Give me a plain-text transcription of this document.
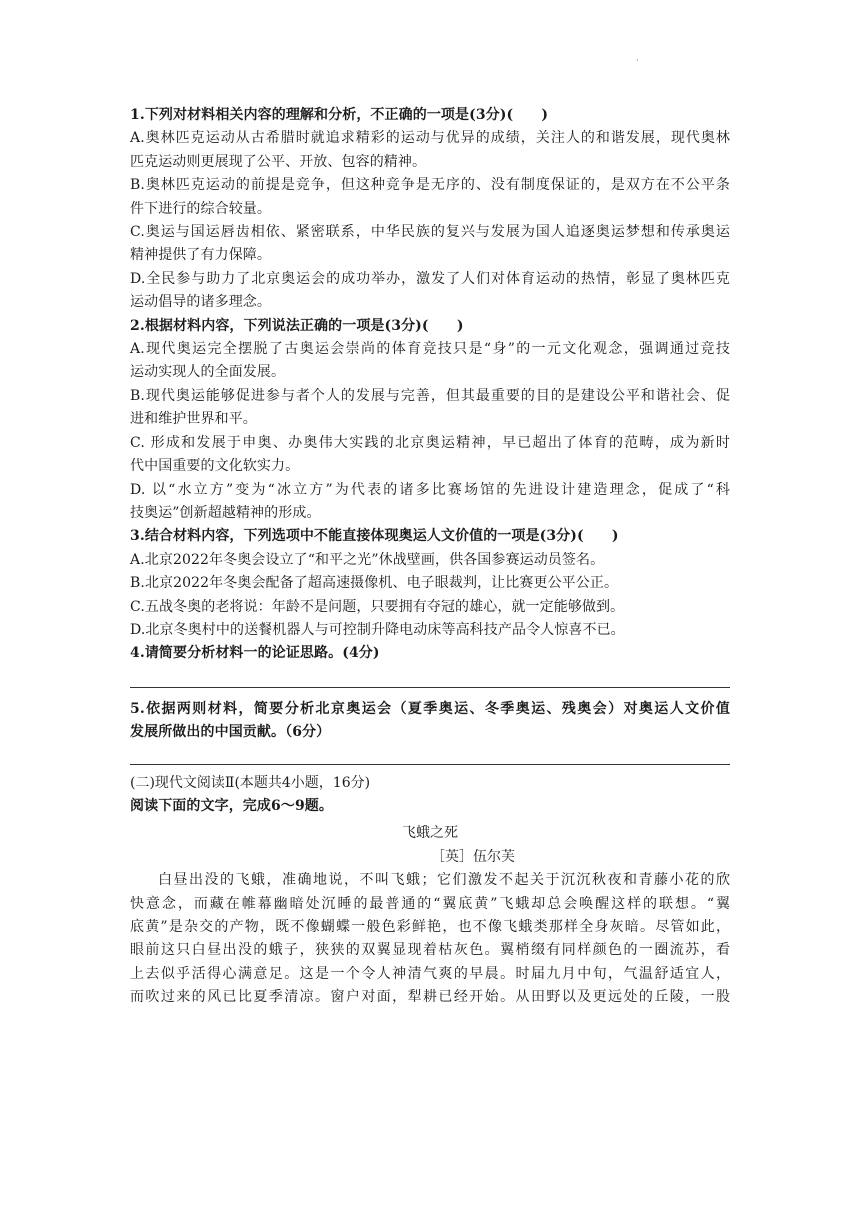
·
1.下列对材料相关内容的理解和分析，不正确的一项是(3分)(　　)
A.奥林匹克运动从古希腊时就追求精彩的运动与优异的成绩，关注人的和谐发展，现代奥林
匹克运动则更展现了公平、开放、包容的精神。
B.奥林匹克运动的前提是竞争，但这种竞争是无序的、没有制度保证的，是双方在不公平条
件下进行的综合较量。
C.奥运与国运唇齿相依、紧密联系，中华民族的复兴与发展为国人追逐奥运梦想和传承奥运
精神提供了有力保障。
D.全民参与助力了北京奥运会的成功举办，激发了人们对体育运动的热情，彰显了奥林匹克
运动倡导的诸多理念。
2.根据材料内容，下列说法正确的一项是(3分)(　　)
A.现代奥运完全摆脱了古奥运会崇尚的体育竞技只是“身”的一元文化观念，强调通过竞技
运动实现人的全面发展。
B.现代奥运能够促进参与者个人的发展与完善，但其最重要的目的是建设公平和谐社会、促
进和维护世界和平。
C. 形成和发展于申奥、办奥伟大实践的北京奥运精神，早已超出了体育的范畴，成为新时
代中国重要的文化软实力。
D. 以“水立方”变为“冰立方”为代表的诸多比赛场馆的先进设计建造理念，促成了“科
技奥运”创新超越精神的形成。
3.结合材料内容，下列选项中不能直接体现奥运人文价值的一项是(3分)(　　)
A.北京2022年冬奥会设立了“和平之光”休战壁画，供各国参赛运动员签名。
B.北京2022年冬奥会配备了超高速摄像机、电子眼裁判，让比赛更公平公正。
C.五战冬奥的老将说：年龄不是问题，只要拥有夺冠的雄心，就一定能够做到。
D.北京冬奥村中的送餐机器人与可控制升降电动床等高科技产品令人惊喜不已。
4.请简要分析材料一的论证思路。(4分)
5.依据两则材料，简要分析北京奥运会（夏季奥运、冬季奥运、残奥会）对奥运人文价值
发展所做出的中国贡献。（6分）
(二)现代文阅读Ⅱ(本题共4小题，16分)
阅读下面的文字，完成6～9题。
飞蛾之死
［英］伍尔芙
白昼出没的飞蛾，准确地说，不叫飞蛾；它们激发不起关于沉沉秋夜和青藤小花的欣
快意念，而藏在帷幕幽暗处沉睡的最普通的“翼底黄”飞蛾却总会唤醒这样的联想。“翼
底黄”是杂交的产物，既不像蝴蝶一般色彩鲜艳，也不像飞蛾类那样全身灰暗。尽管如此，
眼前这只白昼出没的蛾子，狭狭的双翼显现着枯灰色。翼梢缀有同样颜色的一圈流苏，看
上去似乎活得心满意足。这是一个令人神清气爽的早晨。时届九月中旬，气温舒适宜人，
而吹过来的风已比夏季清凉。窗户对面，犁耕已经开始。从田野以及更远处的丘陵，一股
